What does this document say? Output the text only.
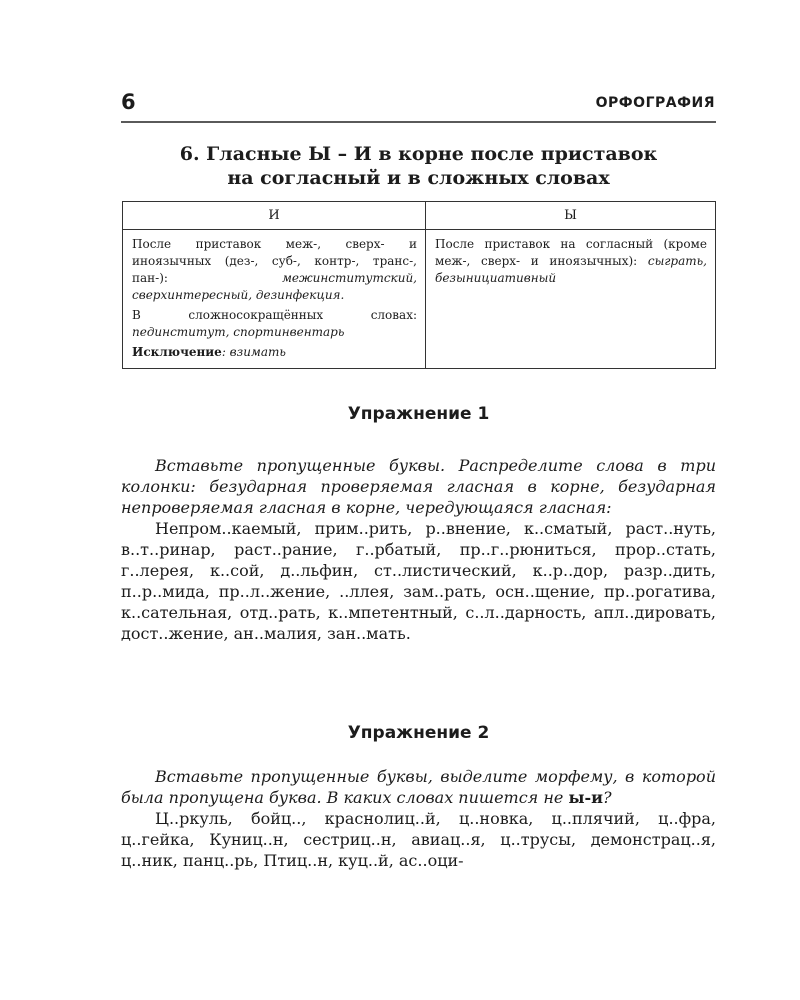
6	ОРФОГРАФИЯ
6. Гласные Ы – И в корне после приставок
на согласный и в сложных словах
И	Ы

После приставок меж-, сверх- и иноязычных (дез-, суб-, контр-, транс-, пан-): межинститутский, сверхинтересный, дезинфекция.

В сложносокращённых словах: пединститут, спортинвентарь

Исключение: взимать	После приставок на согласный (кроме меж-, сверх- и иноязычных): сыграть, безынициативный

Упражнение 1

Вставьте пропущенные буквы. Распределите слова в три колонки: безударная проверяемая гласная в корне, безударная непроверяемая гласная в корне, чередующаяся гласная:

Непром..каемый, прим..рить, р..внение, к..сматый, раст..нуть, в..т..ринар, раст..рание, г..рбатый, пр..г..рюниться, прор..стать, г..лерея, к..сой, д..льфин, ст..листический, к..р..дор, разр..дить, п..р..мида, пр..л..жение, ..ллея, зам..рать, осн..щение, пр..рогатива, к..сательная, отд..рать, к..мпетентный, с..л..дарность, апл..дировать, дост..жение, ан..малия, зан..мать.

Упражнение 2

Вставьте пропущенные буквы, выделите морфему, в которой была пропущена буква. В каких словах пишется не ы-и?

Ц..ркуль, бойц.., краснолиц..й, ц..новка, ц..плячий, ц..фра, ц..гейка, Куниц..н, сестриц..н, авиац..я, ц..трусы, демонстрац..я, ц..ник, панц..рь, Птиц..н, куц..й, ас..оци-
